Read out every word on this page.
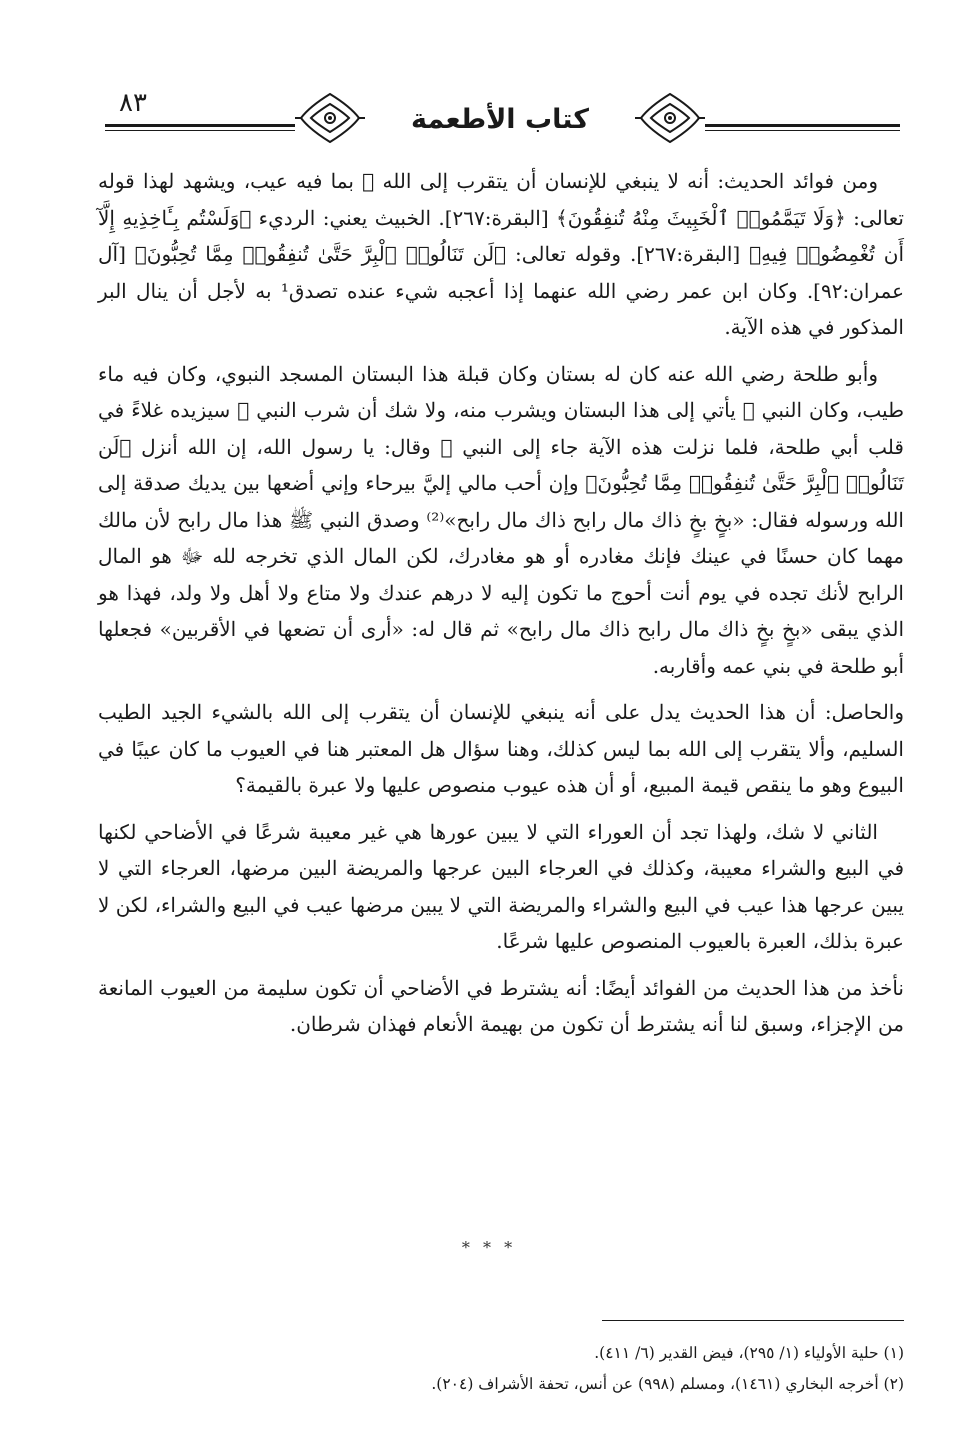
٨٣
كتاب الأطعمة

ومن فوائد الحديث: أنه لا ينبغي للإنسان أن يتقرب إلى الله ﷻ بما فيه عيب، ويشهد لهذا قوله تعالى: ﴿وَلَا تَيَمَّمُوا۟ ٱلْخَبِيثَ مِنْهُ تُنفِقُونَ﴾ [البقرة:٢٦٧]. الخبيث يعني: الرديء ﴿وَلَسْتُم بِـَٔاخِذِيهِ إِلَّآ أَن تُغْمِضُوا۟ فِيهِ﴾ [البقرة:٢٦٧]. وقوله تعالى: ﴿لَن تَنَالُوا۟ ٱلْبِرَّ حَتَّىٰ تُنفِقُوا۟ مِمَّا تُحِبُّونَ﴾ [آل عمران:٩٢]. وكان ابن عمر رضي الله عنهما إذا أعجبه شيء عنده تصدق¹ به لأجل أن ينال البر المذكور في هذه الآية.

وأبو طلحة رضي الله عنه كان له بستان وكان قبلة هذا البستان المسجد النبوي، وكان فيه ماء طيب، وكان النبي ﷺ يأتي إلى هذا البستان ويشرب منه، ولا شك أن شرب النبي ﷺ سيزيده غلاءً في قلب أبي طلحة، فلما نزلت هذه الآية جاء إلى النبي ﷺ وقال: يا رسول الله، إن الله أنزل ﴿لَن تَنَالُوا۟ ٱلْبِرَّ حَتَّىٰ تُنفِقُوا۟ مِمَّا تُحِبُّونَ﴾ وإن أحب مالي إليَّ بيرحاء وإني أضعها بين يديك صدقة إلى الله ورسوله فقال: «بخٍ بخٍ ذاك مال رابح ذاك مال رابح»⁽²⁾ وصدق النبي ﷺ هذا مال رابح لأن مالك مهما كان حسنًا في عينك فإنك مغادره أو هو مغادرك، لكن المال الذي تخرجه لله ﷻ هو المال الرابح لأنك تجده في يوم أنت أحوج ما تكون إليه لا درهم عندك ولا متاع ولا أهل ولا ولد، فهذا هو الذي يبقى «بخٍ بخٍ ذاك مال رابح ذاك مال رابح» ثم قال له: «أرى أن تضعها في الأقربين» فجعلها أبو طلحة في بني عمه وأقاربه.

والحاصل: أن هذا الحديث يدل على أنه ينبغي للإنسان أن يتقرب إلى الله بالشيء الجيد الطيب السليم، وألا يتقرب إلى الله بما ليس كذلك، وهنا سؤال هل المعتبر هنا في العيوب ما كان عيبًا في البيوع وهو ما ينقص قيمة المبيع، أو أن هذه عيوب منصوص عليها ولا عبرة بالقيمة؟

الثاني لا شك، ولهذا تجد أن العوراء التي لا يبين عورها هي غير معيبة شرعًا في الأضاحي لكنها في البيع والشراء معيبة، وكذلك في العرجاء البين عرجها والمريضة البين مرضها، العرجاء التي لا يبين عرجها هذا عيب في البيع والشراء والمريضة التي لا يبين مرضها عيب في البيع والشراء، لكن لا عبرة بذلك، العبرة بالعيوب المنصوص عليها شرعًا.

نأخذ من هذا الحديث من الفوائد أيضًا: أنه يشترط في الأضاحي أن تكون سليمة من العيوب المانعة من الإجزاء، وسبق لنا أنه يشترط أن تكون من بهيمة الأنعام فهذان شرطان.

* * *
(١) حلية الأولياء (١/ ٢٩٥)، فيض القدير (٦/ ٤١١).
(٢) أخرجه البخاري (١٤٦١)، ومسلم (٩٩٨) عن أنس، تحفة الأشراف (٢٠٤).
